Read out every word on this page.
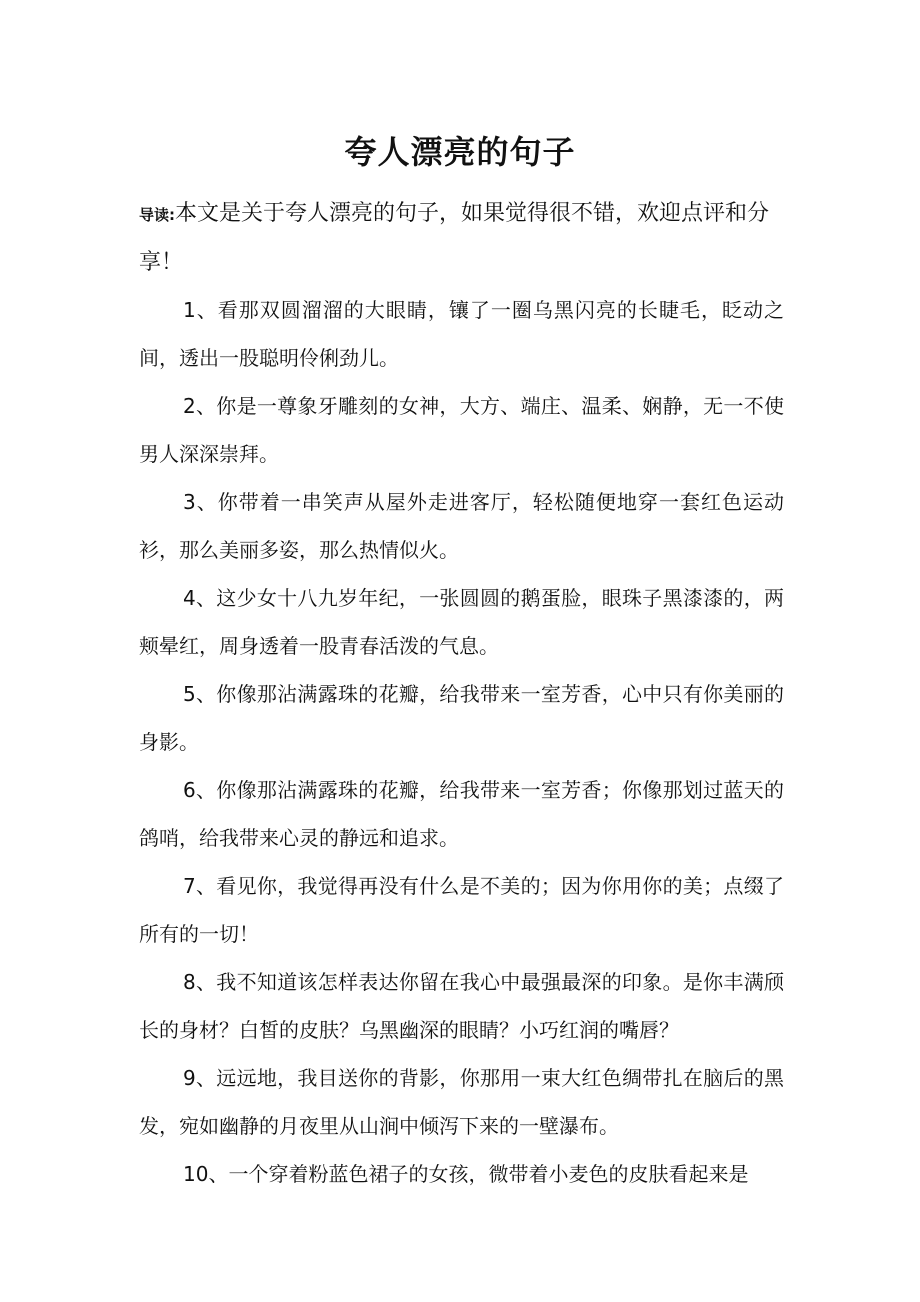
夸人漂亮的句子

导读:本文是关于夸人漂亮的句子，如果觉得很不错，欢迎点评和分享！

1、看那双圆溜溜的大眼睛，镶了一圈乌黑闪亮的长睫毛，眨动之间，透出一股聪明伶俐劲儿。
2、你是一尊象牙雕刻的女神，大方、端庄、温柔、娴静，无一不使男人深深崇拜。
3、你带着一串笑声从屋外走进客厅，轻松随便地穿一套红色运动衫，那么美丽多姿，那么热情似火。
4、这少女十八九岁年纪，一张圆圆的鹅蛋脸，眼珠子黑漆漆的，两颊晕红，周身透着一股青春活泼的气息。
5、你像那沾满露珠的花瓣，给我带来一室芳香，心中只有你美丽的身影。
6、你像那沾满露珠的花瓣，给我带来一室芳香；你像那划过蓝天的鸽哨，给我带来心灵的静远和追求。
7、看见你，我觉得再没有什么是不美的；因为你用你的美；点缀了所有的一切！
8、我不知道该怎样表达你留在我心中最强最深的印象。是你丰满颀长的身材？白皙的皮肤？乌黑幽深的眼睛？小巧红润的嘴唇？
9、远远地，我目送你的背影，你那用一束大红色绸带扎在脑后的黑发，宛如幽静的月夜里从山涧中倾泻下来的一壁瀑布。
10、一个穿着粉蓝色裙子的女孩，微带着小麦色的皮肤看起来是
